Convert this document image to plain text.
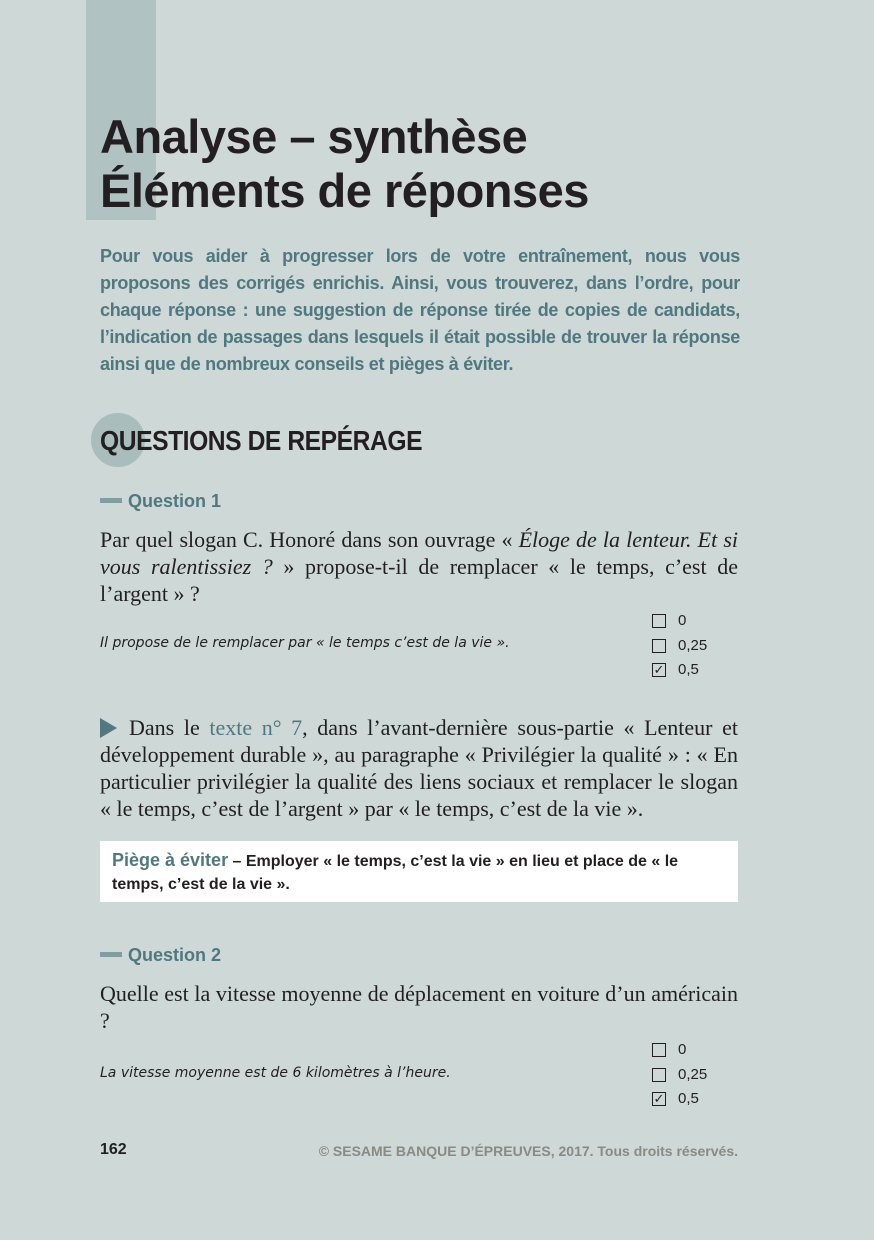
Analyse – synthèse
Éléments de réponses

Pour vous aider à progresser lors de votre entraînement, nous vous proposons des corrigés enrichis. Ainsi, vous trouverez, dans l’ordre, pour chaque réponse : une suggestion de réponse tirée de copies de candidats, l’indication de passages dans lesquels il était possible de trouver la réponse ainsi que de nombreux conseils et pièges à éviter.

QUESTIONS DE REPÉRAGE
Question 1

Par quel slogan C. Honoré dans son ouvrage « Éloge de la lenteur. Et si vous ralentissiez ? » propose-t-il de remplacer « le temps, c’est de l’argent » ?

Il propose de le remplacer par « le temps c’est de la vie ».
0
0,25
✓ 0,5

Dans le texte n° 7, dans l’avant-dernière sous-partie « Lenteur et développement durable », au paragraphe « Privilégier la qualité » : « En particulier privilégier la qualité des liens sociaux et remplacer le slogan « le temps, c’est de l’argent » par « le temps, c’est de la vie ».

Piège à éviter – Employer « le temps, c’est la vie » en lieu et place de « le temps, c’est de la vie ».
Question 2

Quelle est la vitesse moyenne de déplacement en voiture d’un américain ?

La vitesse moyenne est de 6 kilomètres à l’heure.
0
0,25
✓ 0,5
162	© SESAME BANQUE D’ÉPREUVES, 2017. Tous droits réservés.
